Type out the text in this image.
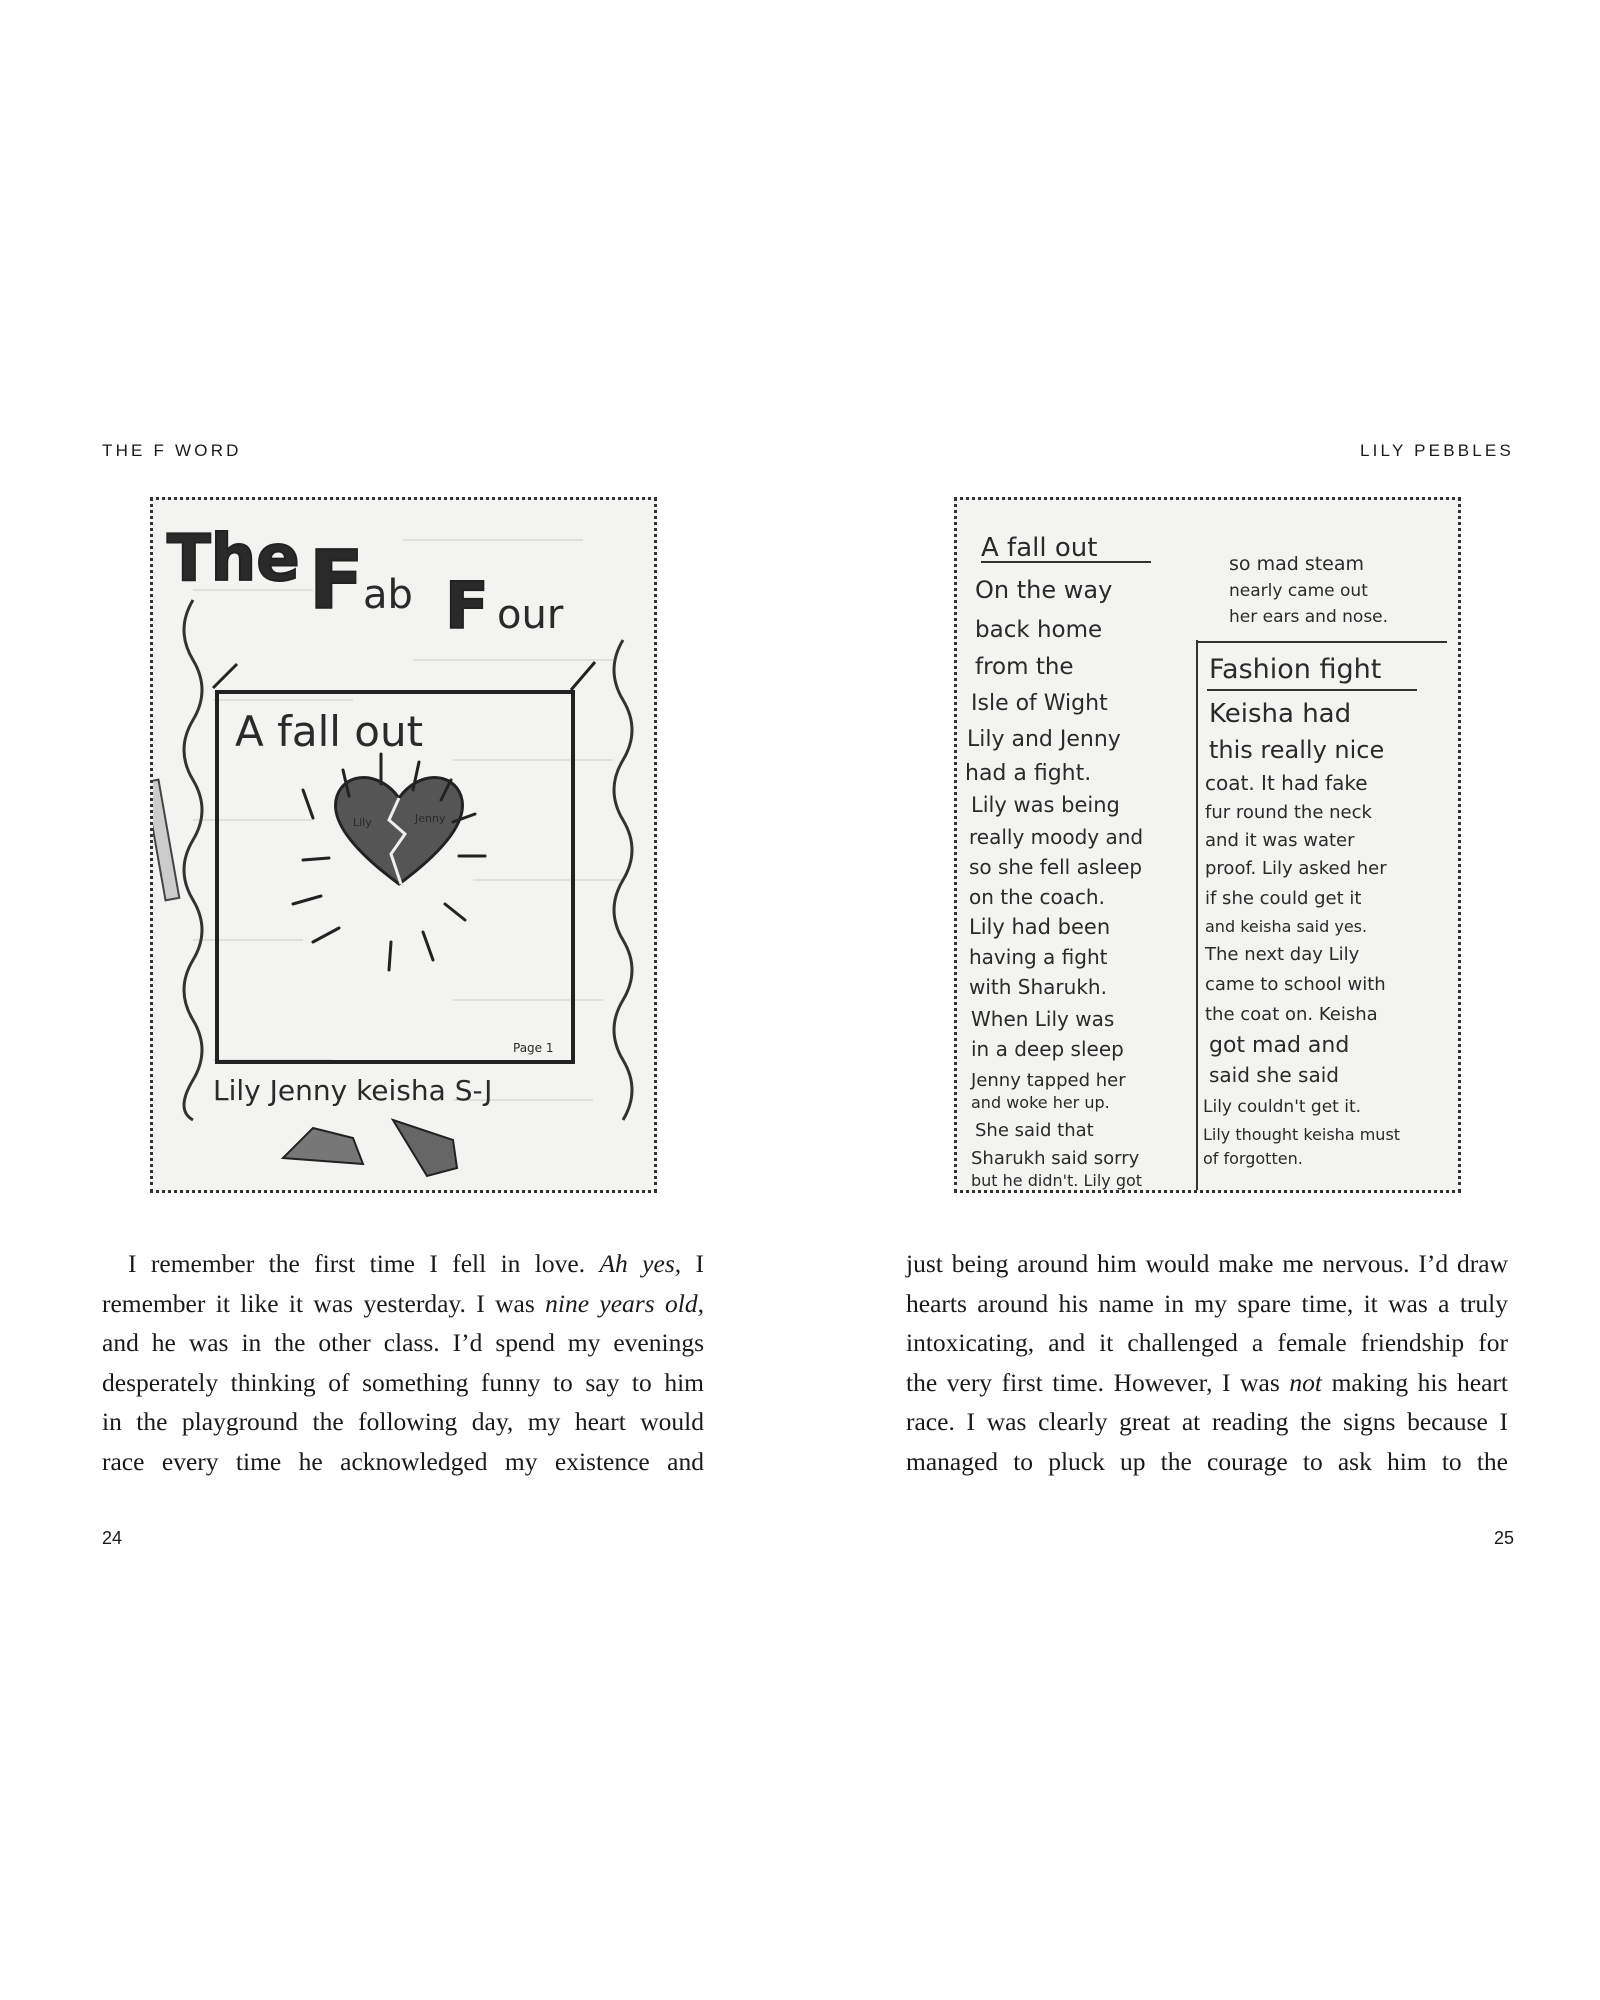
THE F WORD	LILY PEBBLES
The F ab F our
A fall out
Lily	Jenny
Page 1
Lily Jenny keisha S-J
A fall out
On the way
back home
from the
Isle of Wight
Lily and Jenny
had a fight.
Lily was being
really moody and
so she fell asleep
on the coach.
Lily had been
having a fight
with Sharukh.
When Lily was
in a deep sleep
Jenny tapped her
and woke her up.
She said that
Sharukh said sorry
but he didn't. Lily got
so mad steam
nearly came out
her ears and nose.
Fashion fight
Keisha had
this really nice
coat. It had fake
fur round the neck
and it was water
proof. Lily asked her
if she could get it
and keisha said yes.
The next day Lily
came to school with
the coat on. Keisha
got mad and
said she said
Lily couldn't get it.
Lily thought keisha must
of forgotten.

I remember the first time I fell in love. Ah yes, I
remember it like it was yesterday. I was nine years old,
and he was in the other class. I’d spend my evenings
desperately thinking of something funny to say to him
in the playground the following day, my heart would
race every time he acknowledged my existence and

just being around him would make me nervous. I’d draw
hearts around his name in my spare time, it was a truly
intoxicating, and it challenged a female friendship for
the very first time. However, I was not making his heart
race. I was clearly great at reading the signs because I
managed to pluck up the courage to ask him to the

24	25
